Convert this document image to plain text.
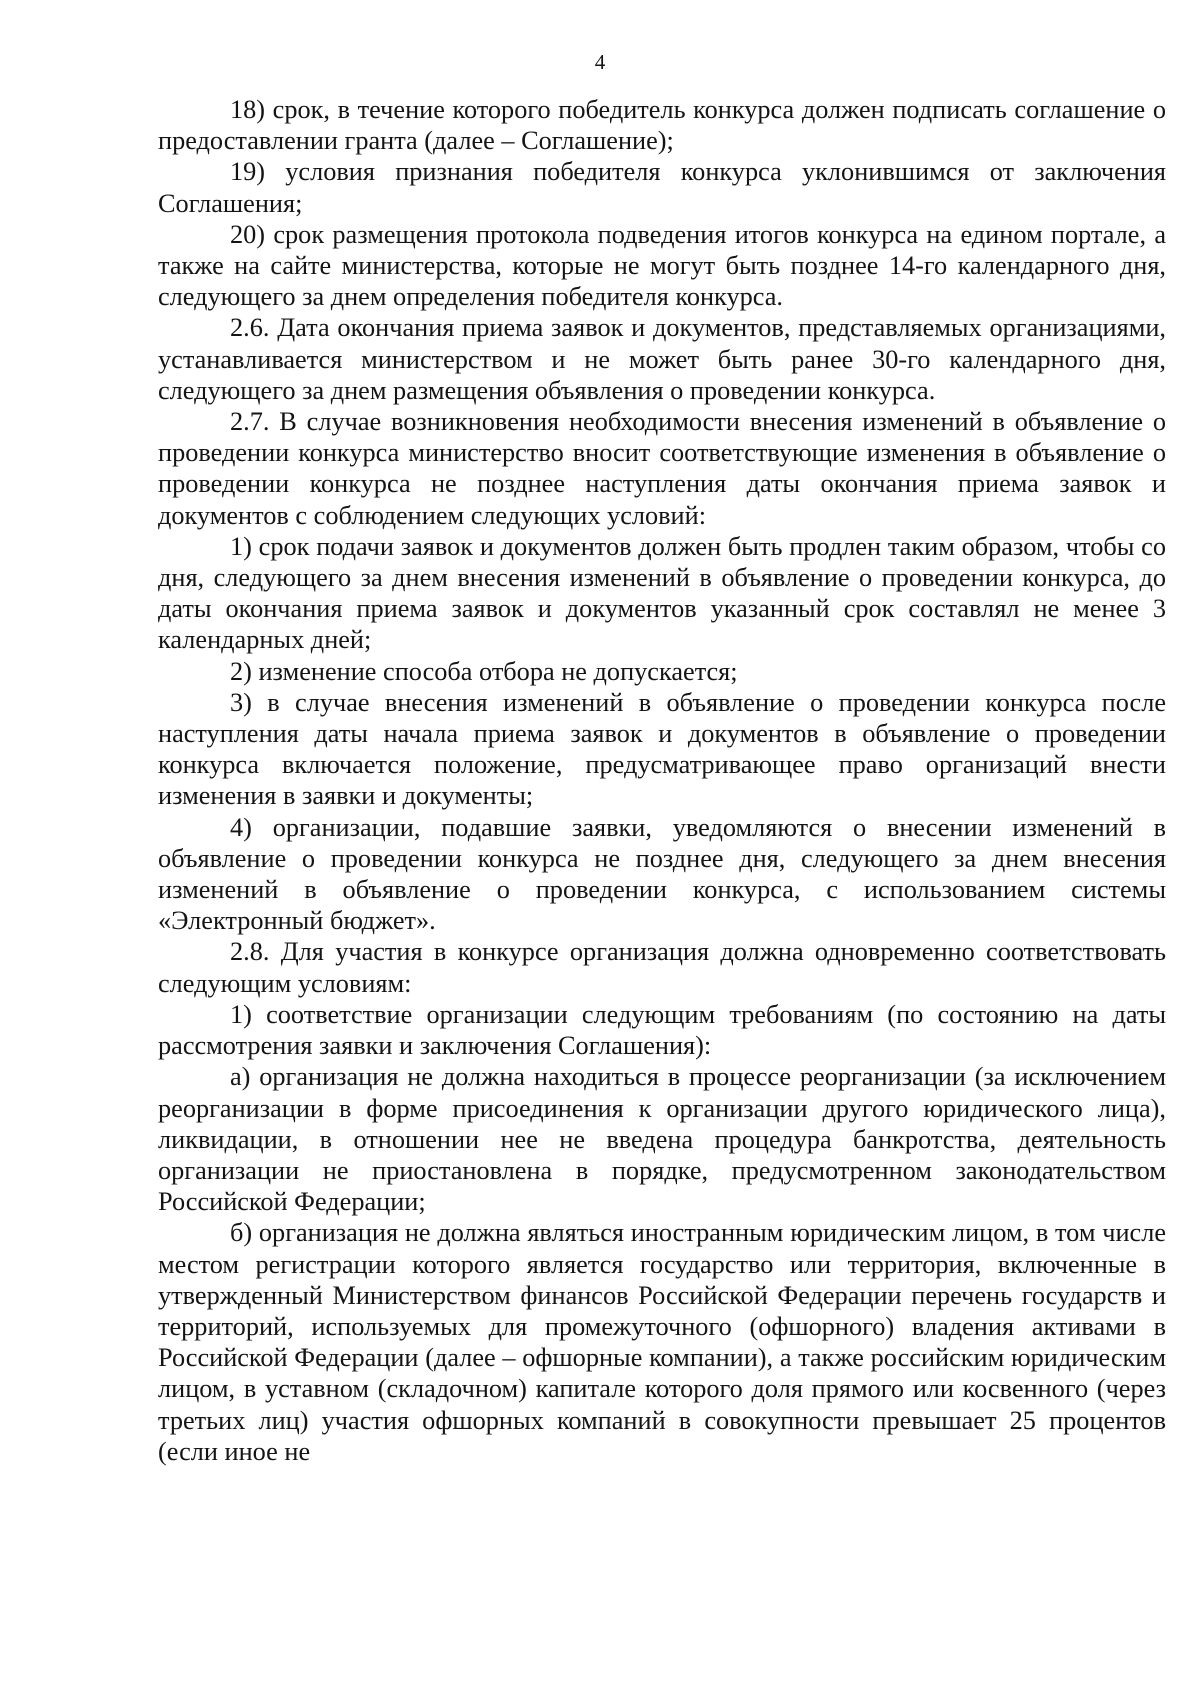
4

18) срок, в течение которого победитель конкурса должен подписать соглашение о предоставлении гранта (далее – Соглашение);

19) условия признания победителя конкурса уклонившимся от заключения Соглашения;

20) срок размещения протокола подведения итогов конкурса на едином портале, а также на сайте министерства, которые не могут быть позднее 14-го календарного дня, следующего за днем определения победителя конкурса.

2.6. Дата окончания приема заявок и документов, представляемых организациями, устанавливается министерством и не может быть ранее 30-го календарного дня, следующего за днем размещения объявления о проведении конкурса.

2.7. В случае возникновения необходимости внесения изменений в объявление о проведении конкурса министерство вносит соответствующие изменения в объявление о проведении конкурса не позднее наступления даты окончания приема заявок и документов с соблюдением следующих условий:

1) срок подачи заявок и документов должен быть продлен таким образом, чтобы со дня, следующего за днем внесения изменений в объявление о проведении конкурса, до даты окончания приема заявок и документов указанный срок составлял не менее 3 календарных дней;

2) изменение способа отбора не допускается;

3) в случае внесения изменений в объявление о проведении конкурса после наступления даты начала приема заявок и документов в объявление о проведении конкурса включается положение, предусматривающее право организаций внести изменения в заявки и документы;

4) организации, подавшие заявки, уведомляются о внесении изменений в объявление о проведении конкурса не позднее дня, следующего за днем внесения изменений в объявление о проведении конкурса, с использованием системы «Электронный бюджет».

2.8. Для участия в конкурсе организация должна одновременно соответствовать следующим условиям:

1) соответствие организации следующим требованиям (по состоянию на даты рассмотрения заявки и заключения Соглашения):

а) организация не должна находиться в процессе реорганизации (за исключением реорганизации в форме присоединения к организации другого юридического лица), ликвидации, в отношении нее не введена процедура банкротства, деятельность организации не приостановлена в порядке, предусмотренном законодательством Российской Федерации;

б) организация не должна являться иностранным юридическим лицом, в том числе местом регистрации которого является государство или территория, включенные в утвержденный Министерством финансов Российской Федерации перечень государств и территорий, используемых для промежуточного (офшорного) владения активами в Российской Федерации (далее – офшорные компании), а также российским юридическим лицом, в уставном (складочном) капитале которого доля прямого или косвенного (через третьих лиц) участия офшорных компаний в совокупности превышает 25 процентов (если иное не
